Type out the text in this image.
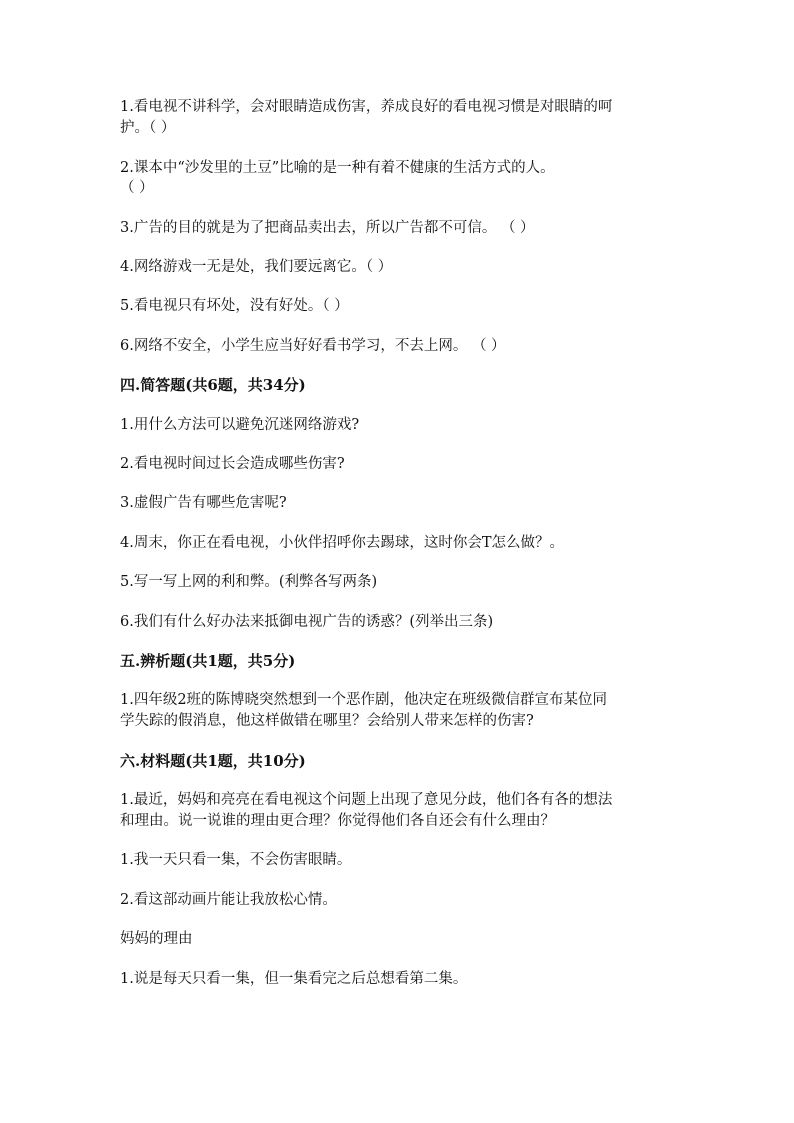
1.看电视不讲科学，会对眼睛造成伤害，养成良好的看电视习惯是对眼睛的呵
护。（ ）
2.课本中“沙发里的土豆”比喻的是一种有着不健康的生活方式的人。
（ ）
3.广告的目的就是为了把商品卖出去，所以广告都不可信。 （ ）
4.网络游戏一无是处，我们要远离它。（ ）
5.看电视只有坏处，没有好处。（ ）
6.网络不安全，小学生应当好好看书学习，不去上网。 （ ）
四.简答题(共6题，共34分)
1.用什么方法可以避免沉迷网络游戏?
2.看电视时间过长会造成哪些伤害?
3.虚假广告有哪些危害呢?
4.周末，你正在看电视，小伙伴招呼你去踢球，这时你会T怎么做？。
5.写一写上网的利和弊。(利弊各写两条)
6.我们有什么好办法来抵御电视广告的诱惑？(列举出三条)
五.辨析题(共1题，共5分)
1.四年级2班的陈博晓突然想到一个恶作剧，他决定在班级微信群宣布某位同
学失踪的假消息，他这样做错在哪里？会给别人带来怎样的伤害?
六.材料题(共1题，共10分)
1.最近，妈妈和亮亮在看电视这个问题上出现了意见分歧，他们各有各的想法
和理由。说一说谁的理由更合理？你觉得他们各自还会有什么理由？
1.我一天只看一集，不会伤害眼睛。
2.看这部动画片能让我放松心情。
妈妈的理由
1.说是每天只看一集，但一集看完之后总想看第二集。
